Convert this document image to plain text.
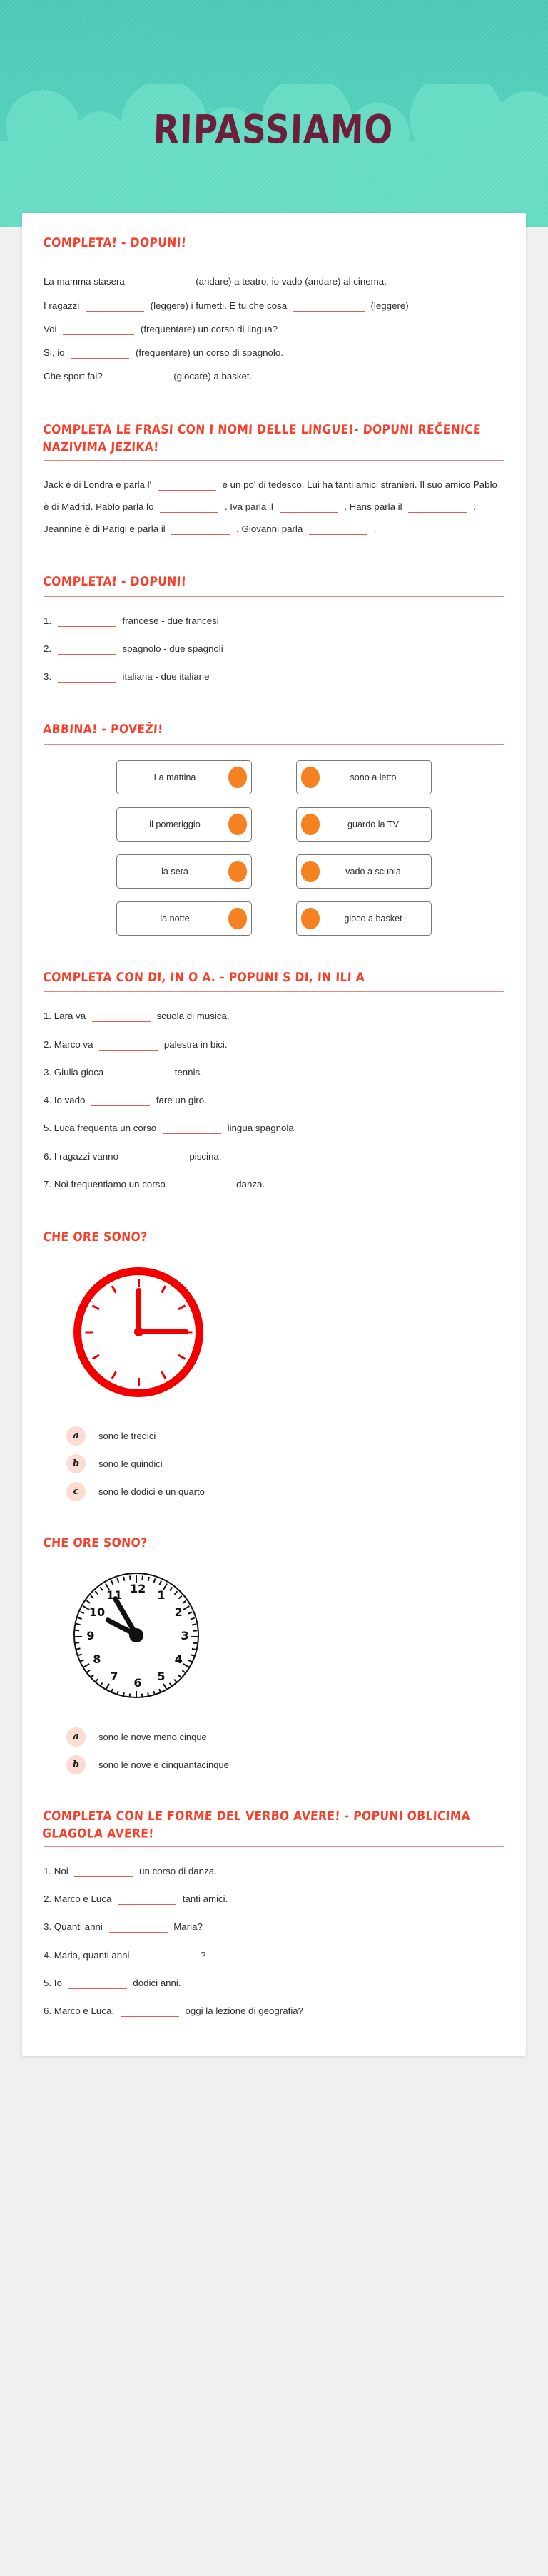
RIPASSIAMO
COMPLETA! - DOPUNI!
La mamma stasera	(andare) a teatro, io vado (andare) al cinema.
I ragazzi	(leggere) i fumetti. E tu che cosa	(leggere)
Voi	(frequentare) un corso di lingua?
Si, io	(frequentare) un corso di spagnolo.
Che sport fai?	(giocare) a basket.
COMPLETA LE FRASI CON I NOMI DELLE LINGUE!- DOPUNI REČENICE NAZIVIMA JEZIKA!
Jack è di Londra e parla l'	e un po' di tedesco. Lui ha tanti amici stranieri. Il suo amico Pablo è di Madrid. Pablo parla lo	. Iva parla il	. Hans parla il	. Jeannine è di Parigi e parla il	. Giovanni parla	.
COMPLETA! - DOPUNI!
1.	francese - due francesi
2.	spagnolo - due spagnoli
3.	italiana - due italiane
ABBINA! - POVEŽI!
La mattina	sono a letto
il pomeriggio	guardo la TV
la sera	vado a scuola
la notte	gioco a basket
COMPLETA CON DI, IN O A. - POPUNI S DI, IN ILI A
1. Lara va	scuola di musica.
2. Marco va	palestra in bici.
3. Giulia gioca	tennis.
4. Io vado	fare un giro.
5. Luca frequenta un corso	lingua spagnola.
6. I ragazzi vanno	piscina.
7. Noi frequentiamo un corso	danza.
CHE ORE SONO?
a	sono le tredici
b	sono le quindici
c	sono le dodici e un quarto
CHE ORE SONO?
12	1
2
3
4
5
6
7
8
9
10
11
a	sono le nove meno cinque
b	sono le nove e cinquantacinque
COMPLETA CON LE FORME DEL VERBO AVERE! - POPUNI OBLICIMA GLAGOLA AVERE!
1. Noi	un corso di danza.
2. Marco e Luca	tanti amici.
3. Quanti anni	Maria?
4. Maria, quanti anni	?
5. Io	dodici anni.
6. Marco e Luca,	oggi la lezione di geografia?
